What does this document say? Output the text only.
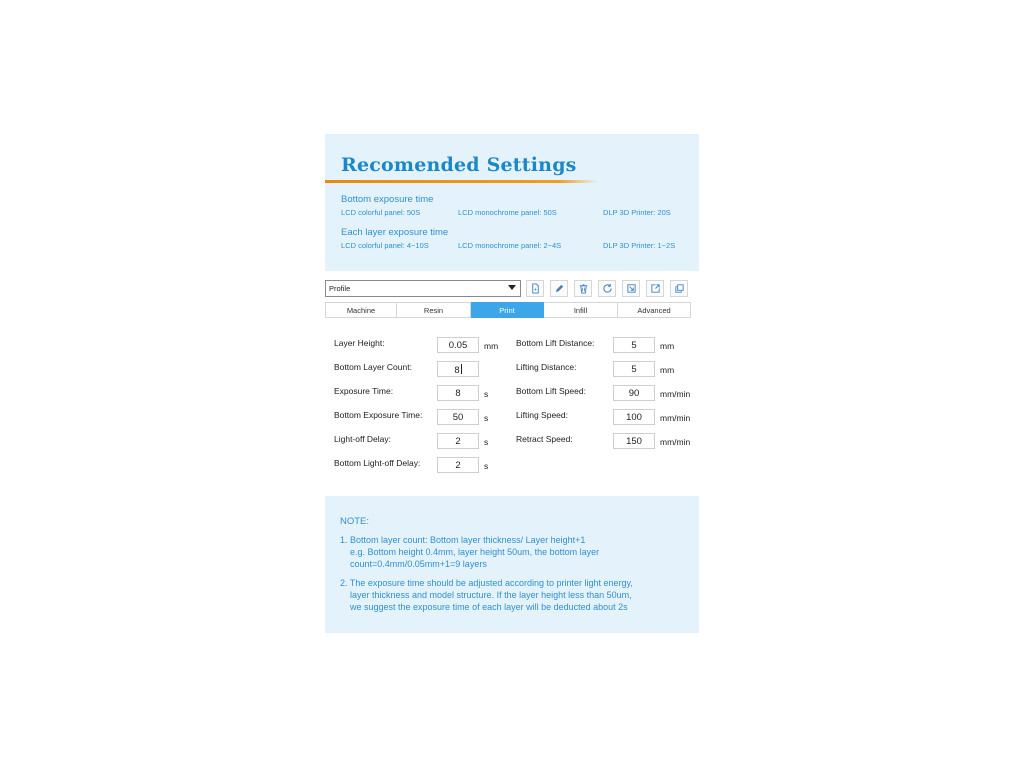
Recomended Settings
Bottom exposure time
LCD colorful panel: 50S	LCD monochrome panel: 50S	DLP 3D Printer: 20S
Each layer exposure time
LCD colorful panel: 4~10S	LCD monochrome panel: 2~4S	DLP 3D Printer: 1~2S
Profile
Machine	Resin	Print	Infill	Advanced
Layer Height:	0.05	mm
Bottom Layer Count:	8
Exposure Time:	8	s
Bottom Exposure Time:	50	s
Light-off Delay:	2	s
Bottom Light-off Delay:	2	s
Bottom Lift Distance:	5	mm
Lifting Distance:	5	mm
Bottom Lift Speed:	90	mm/min
Lifting Speed:	100	mm/min
Retract Speed:	150	mm/min
NOTE:
1. Bottom layer count: Bottom layer thickness/ Layer height+1
e.g. Bottom height 0.4mm, layer height 50um, the bottom layer
count=0.4mm/0.05mm+1=9 layers
2. The exposure time should be adjusted according to printer light energy,
layer thickness and model structure. If the layer height less than 50um,
we suggest the exposure time of each layer will be deducted about 2s
